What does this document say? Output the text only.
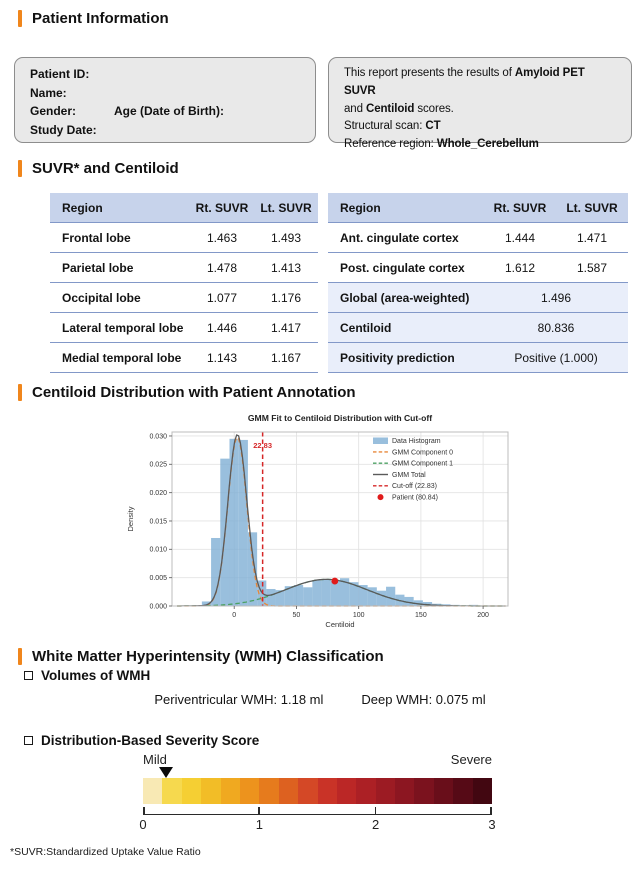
Patient Information
Patient ID:
Name:
Gender:	Age (Date of Birth):
Study Date:
This report presents the results of Amyloid PET SUVR
and Centiloid scores.
Structural scan: CT
Reference region: Whole_Cerebellum
SUVR* and Centiloid
Region	Rt. SUVR	Lt. SUVR
Frontal lobe	1.463	1.493
Parietal lobe	1.478	1.413
Occipital lobe	1.077	1.176
Lateral temporal lobe	1.446	1.417
Medial temporal lobe	1.143	1.167
Region	Rt. SUVR	Lt. SUVR
Ant. cingulate cortex	1.444	1.471
Post. cingulate cortex	1.612	1.587
Global (area-weighted)	1.496
Centiloid	80.836
Positivity prediction	Positive (1.000)
Centiloid Distribution with Patient Annotation
22.83
0	50	100	150	200
0.000
0.005
0.010
0.015
0.020
0.025
0.030
Centiloid
Density
GMM Fit to Centiloid Distribution with Cut-off
Data Histogram
GMM Component 0
GMM Component 1
GMM Total
Cut-off (22.83)
Patient (80.84)
White Matter Hyperintensity (WMH) Classification
Volumes of WMH
Periventricular WMH: 1.18 ml	Deep WMH: 0.075 ml
Distribution-Based Severity Score
Mild	Severe
0	1	2	3
*SUVR:Standardized Uptake Value Ratio
